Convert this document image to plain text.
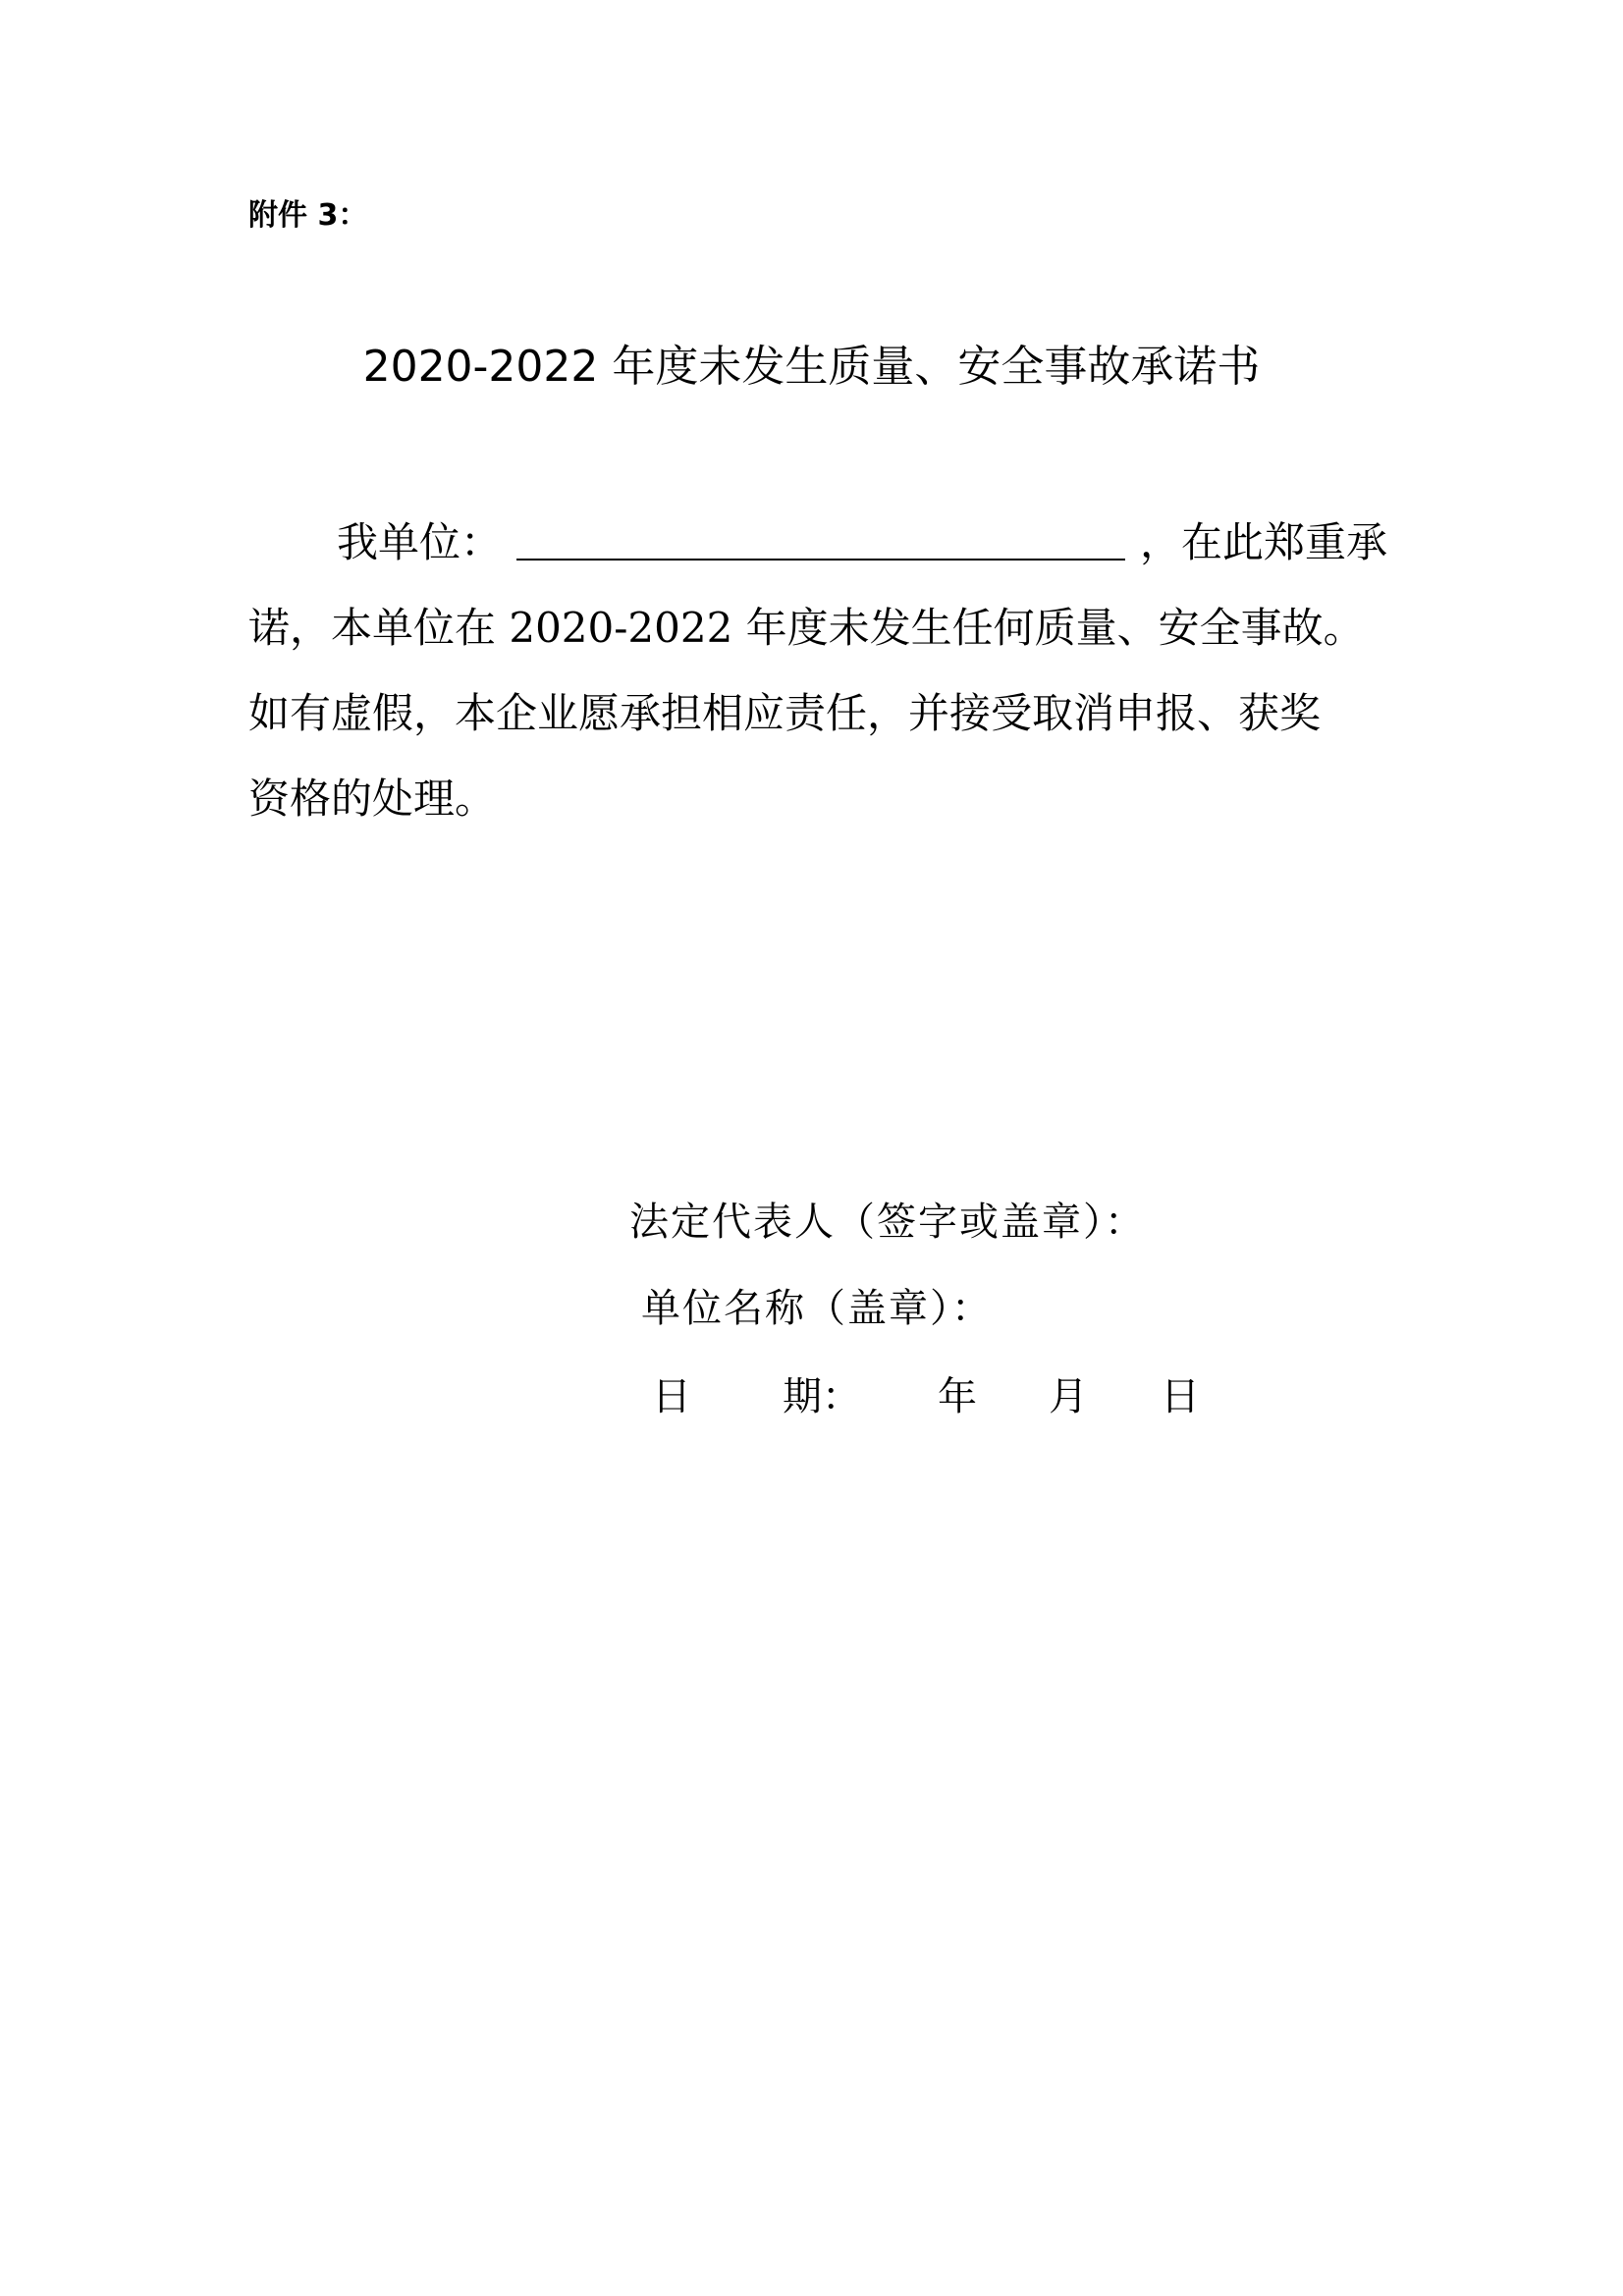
附件 3：
2020-2022 年度未发生质量、安全事故承诺书
我单位：	，在此郑重承
诺，本单位在 2020-2022 年度未发生任何质量、安全事故。
如有虚假，本企业愿承担相应责任，并接受取消申报、获奖
资格的处理。
法定代表人（签字或盖章）：
单位名称（盖章）：
日 期： 年 月 日
